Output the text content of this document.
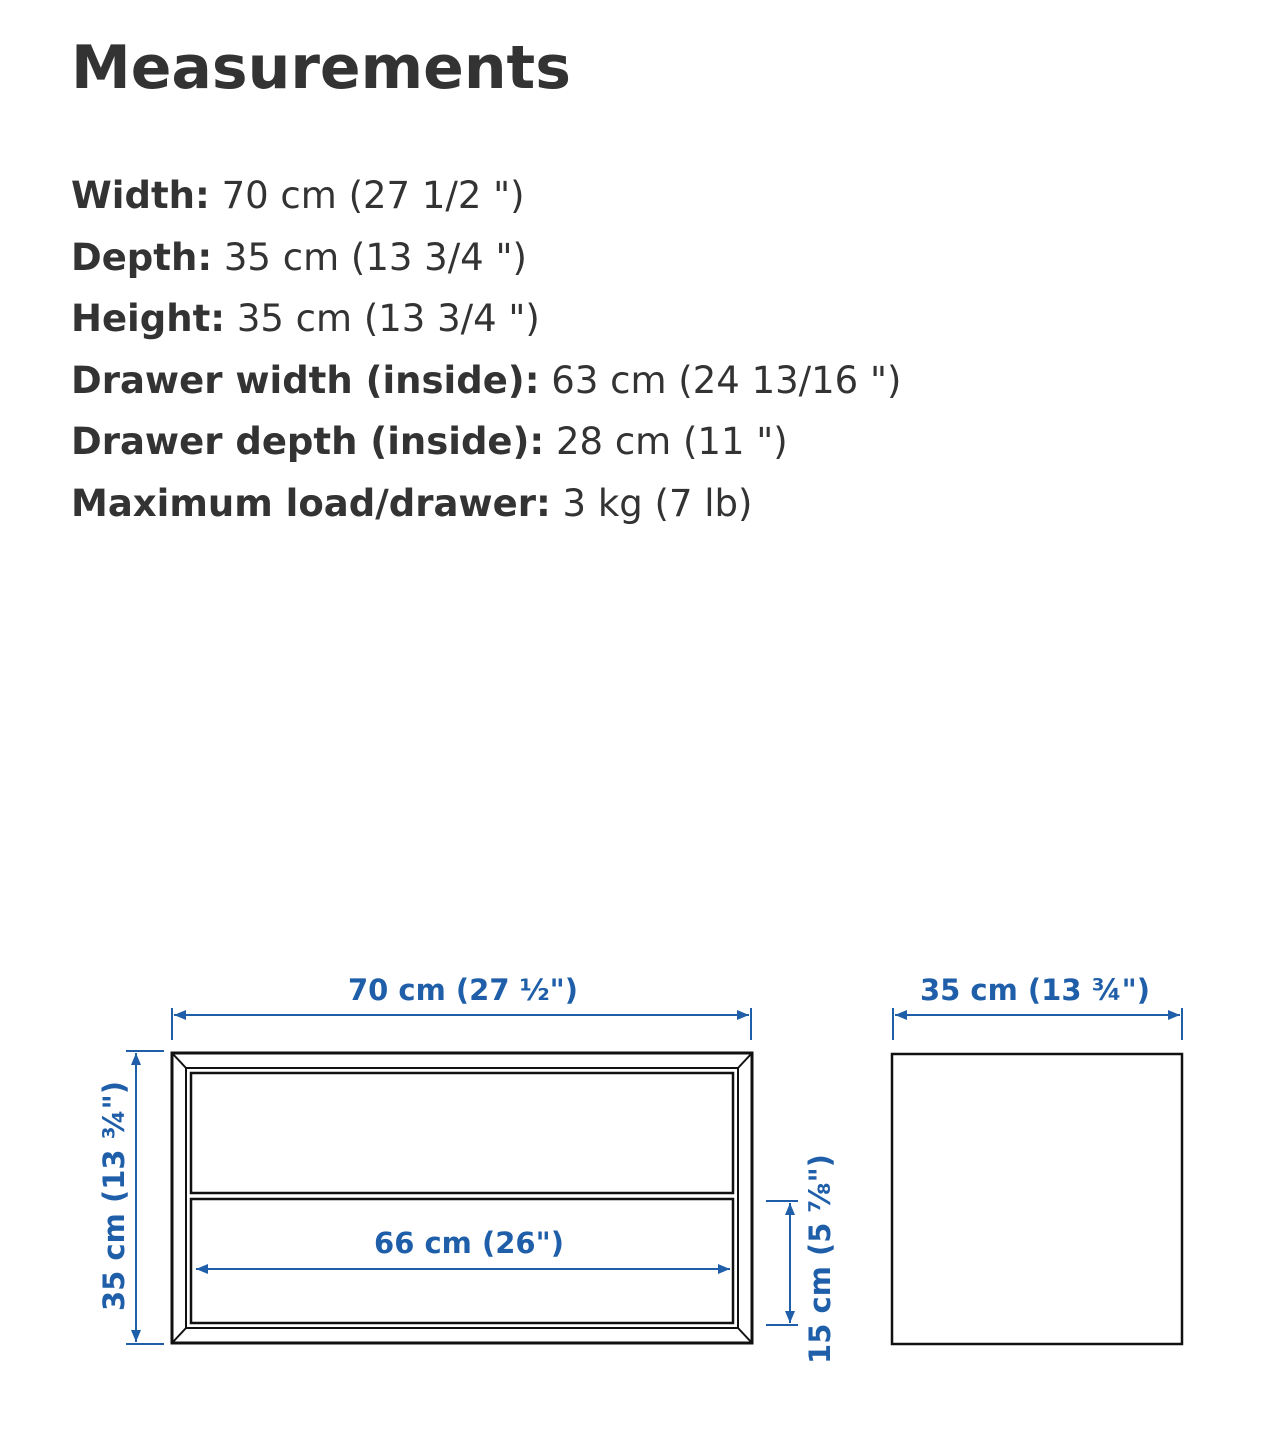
Measurements
Width: 70 cm (27 1/2 ")
Depth: 35 cm (13 3/4 ")
Height: 35 cm (13 3/4 ")
Drawer width (inside): 63 cm (24 13/16 ")
Drawer depth (inside): 28 cm (11 ")
Maximum load/drawer: 3 kg (7 lb)
70 cm (27 ½")
35 cm (13 ¾")	66 cm (26")	15 cm (5 ⅞")
35 cm (13 ¾")
